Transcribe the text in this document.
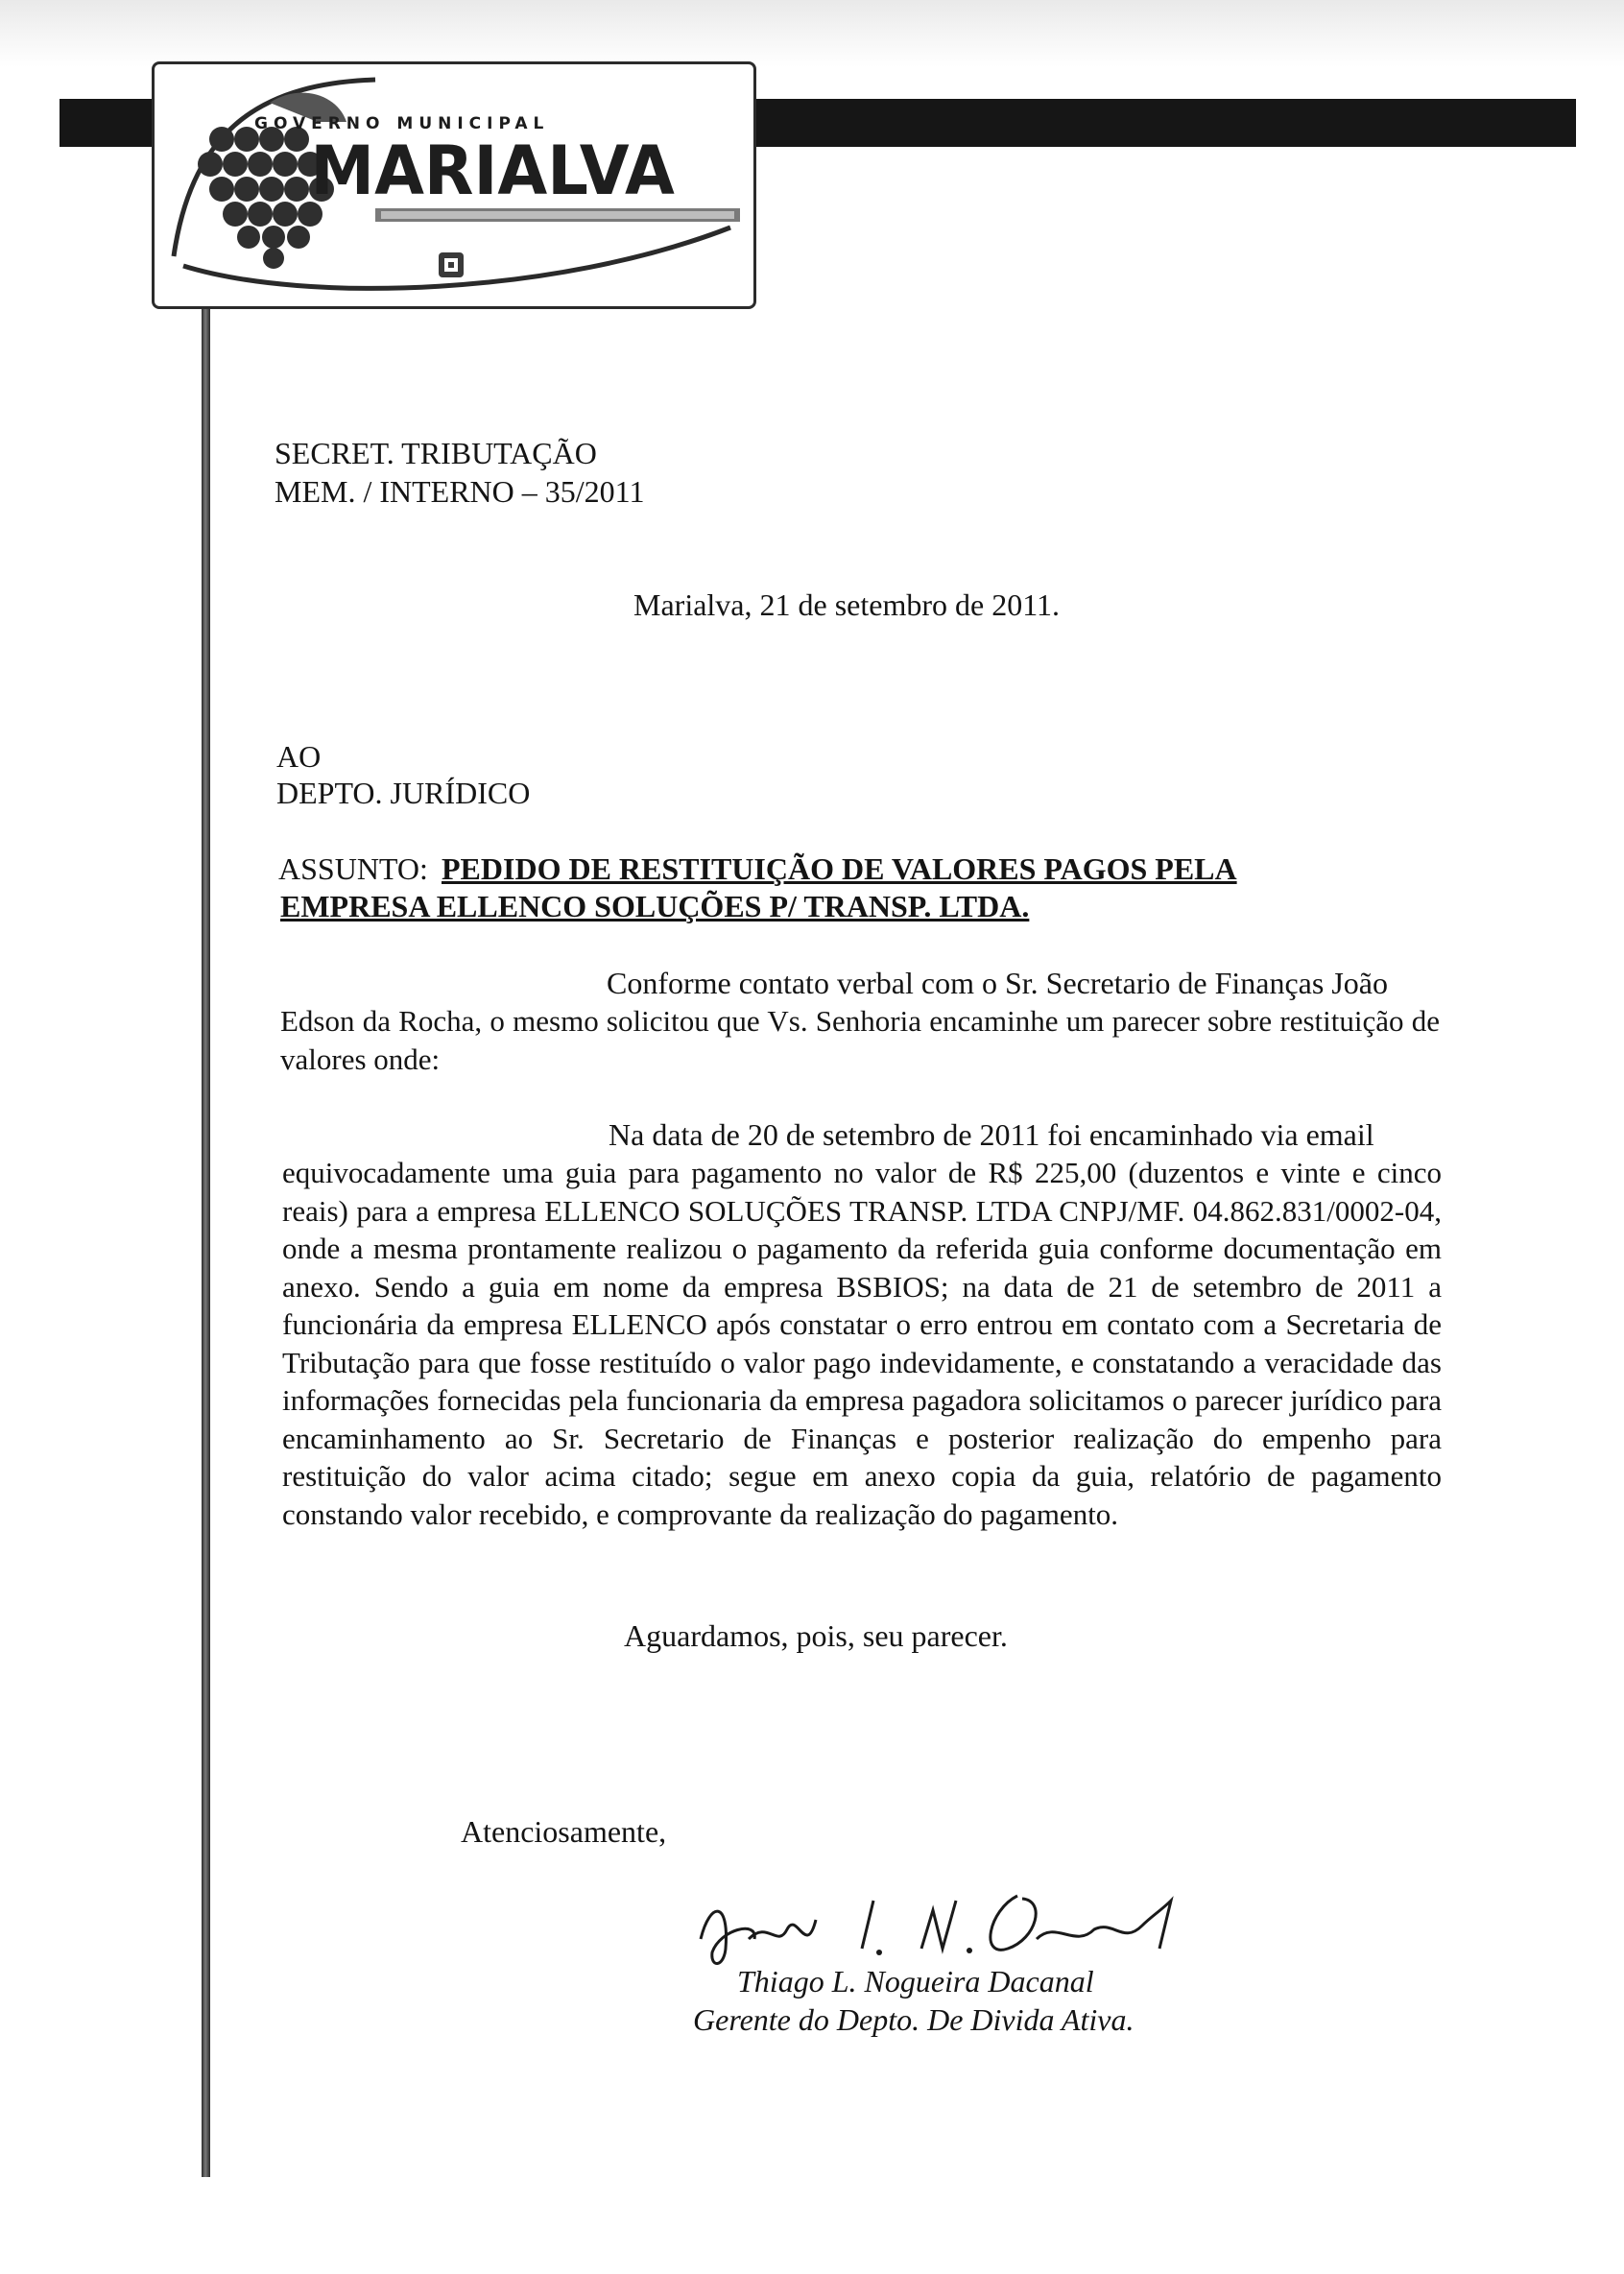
GOVERNO MUNICIPAL
MARIALVA
SECRET. TRIBUTAÇÃO
MEM. / INTERNO – 35/2011
Marialva, 21 de setembro de 2011.
AO
DEPTO. JURÍDICO
ASSUNTO: PEDIDO DE RESTITUIÇÃO DE VALORES PAGOS PELA
EMPRESA ELLENCO SOLUÇÕES P/ TRANSP. LTDA.
Conforme contato verbal com o Sr. Secretario de Finanças João
Edson da Rocha, o mesmo solicitou que Vs. Senhoria encaminhe um parecer sobre restituição de valores onde:
Na data de 20 de setembro de 2011 foi encaminhado via email
equivocadamente uma guia para pagamento no valor de R$ 225,00 (duzentos e vinte e cinco reais) para a empresa ELLENCO SOLUÇÕES TRANSP. LTDA CNPJ/MF. 04.862.831/0002-04, onde a mesma prontamente realizou o pagamento da referida guia conforme documentação em anexo. Sendo a guia em nome da empresa BSBIOS; na data de 21 de setembro de 2011 a funcionária da empresa ELLENCO após constatar o erro entrou em contato com a Secretaria de Tributação para que fosse restituído o valor pago indevidamente, e constatando a veracidade das informações fornecidas pela funcionaria da empresa pagadora solicitamos o parecer jurídico para encaminhamento ao Sr. Secretario de Finanças e posterior realização do empenho para restituição do valor acima citado; segue em anexo copia da guia, relatório de pagamento constando valor recebido, e comprovante da realização do pagamento.
Aguardamos, pois, seu parecer.
Atenciosamente,
Diogo L. N. Dacanal Thiago L. Nogueira Dacanal
Gerente do Depto. De Divida Ativa.
